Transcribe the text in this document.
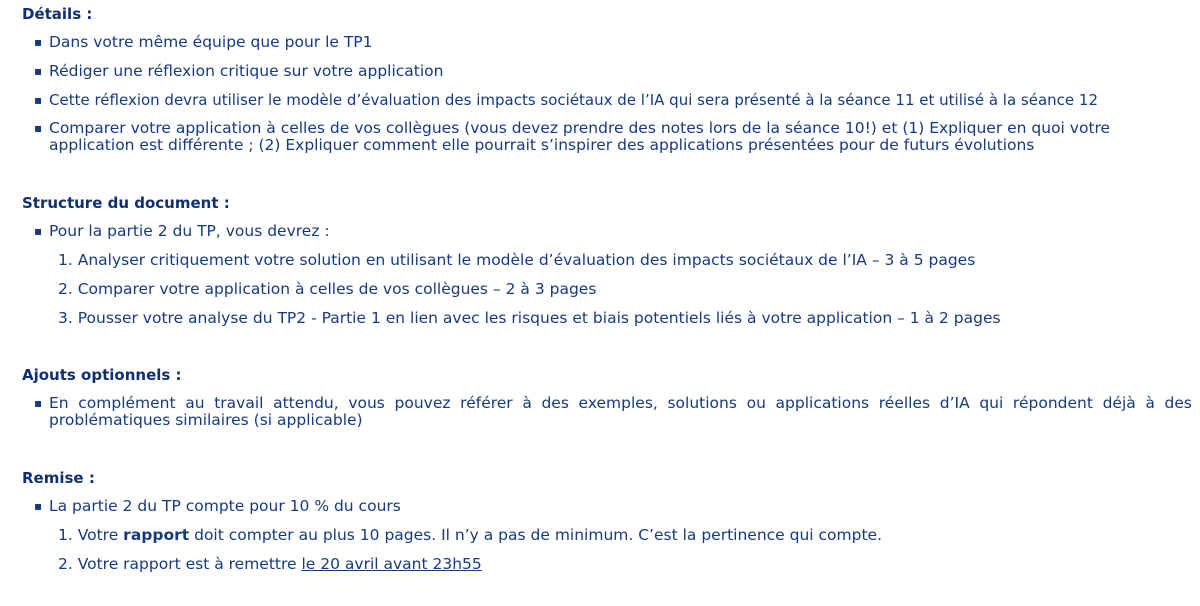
Détails :

▪ Dans votre même équipe que pour le TP1

▪ Rédiger une réflexion critique sur votre application

▪ Cette réflexion devra utiliser le modèle d’évaluation des impacts sociétaux de l’IA qui sera présenté à la séance 11 et utilisé à la séance 12

▪ Comparer votre application à celles de vos collègues (vous devez prendre des notes lors de la séance 10!) et (1) Expliquer en quoi votre application est différente ; (2) Expliquer comment elle pourrait s’inspirer des applications présentées pour de futurs évolutions
Structure du document :

▪ Pour la partie 2 du TP, vous devrez :

1. Analyser critiquement votre solution en utilisant le modèle d’évaluation des impacts sociétaux de l’IA – 3 à 5 pages

2. Comparer votre application à celles de vos collègues – 2 à 3 pages

3. Pousser votre analyse du TP2 - Partie 1 en lien avec les risques et biais potentiels liés à votre application – 1 à 2 pages

Ajouts optionnels :
▪ En complément au travail attendu, vous pouvez référer à des exemples, solutions ou applications réelles d’IA qui répondent déjà à des problématiques similaires (si applicable)
Remise :

▪ La partie 2 du TP compte pour 10 % du cours

1. Votre rapport doit compter au plus 10 pages. Il n’y a pas de minimum. C’est la pertinence qui compte.

2. Votre rapport est à remettre le 20 avril avant 23h55
